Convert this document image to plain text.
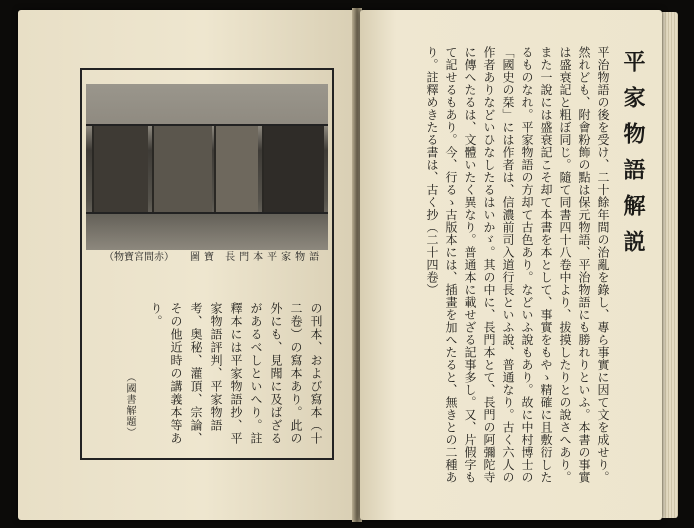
圖寶 長門本平家物語
（物寶宮間赤）
の刊本、および寫本（十二卷）の寫本あり。此の外にも、見聞に及ばざるがあるべしといへり。註釋本には平家物語抄、平家物語評判、平家物語考、奥秘、灌頂、宗論、その他近時の講義本等あり。
（國書解題）
平家物語解説
平治物語の後を受け、二十餘年間の治亂を錄し、專ら事實に因て文を成せり。然れども、附會粉飾の點は保元物語、平治物語にも勝れりといふ。本書の事實は盛衰記と粗ぼ同じ。隨て同書四十八卷中より、拔摸したりとの說さへあり。また一說には盛衰記こそ却て本書を本として、事實をもやゝ精確に且敷衍したるものなれ。平家物語の方却て古色あり。などいふ說もあり。故に中村博士の「國史の栞」には作者は、信濃前司入道行長といふ說、普通なり。古く六人の作者ありなどいひなしたるはいかゞ。其の中に、長門本とて、長門の阿彌陀寺に傳へたるは、文體いたく異なり。普通本に載せざる記事多し。又、片假字もて記せるもあり。今、行るゝ古版本には、插畫を加へたると、無きとの二種あり。註釋めきたる書は、古く抄（二十四卷）
